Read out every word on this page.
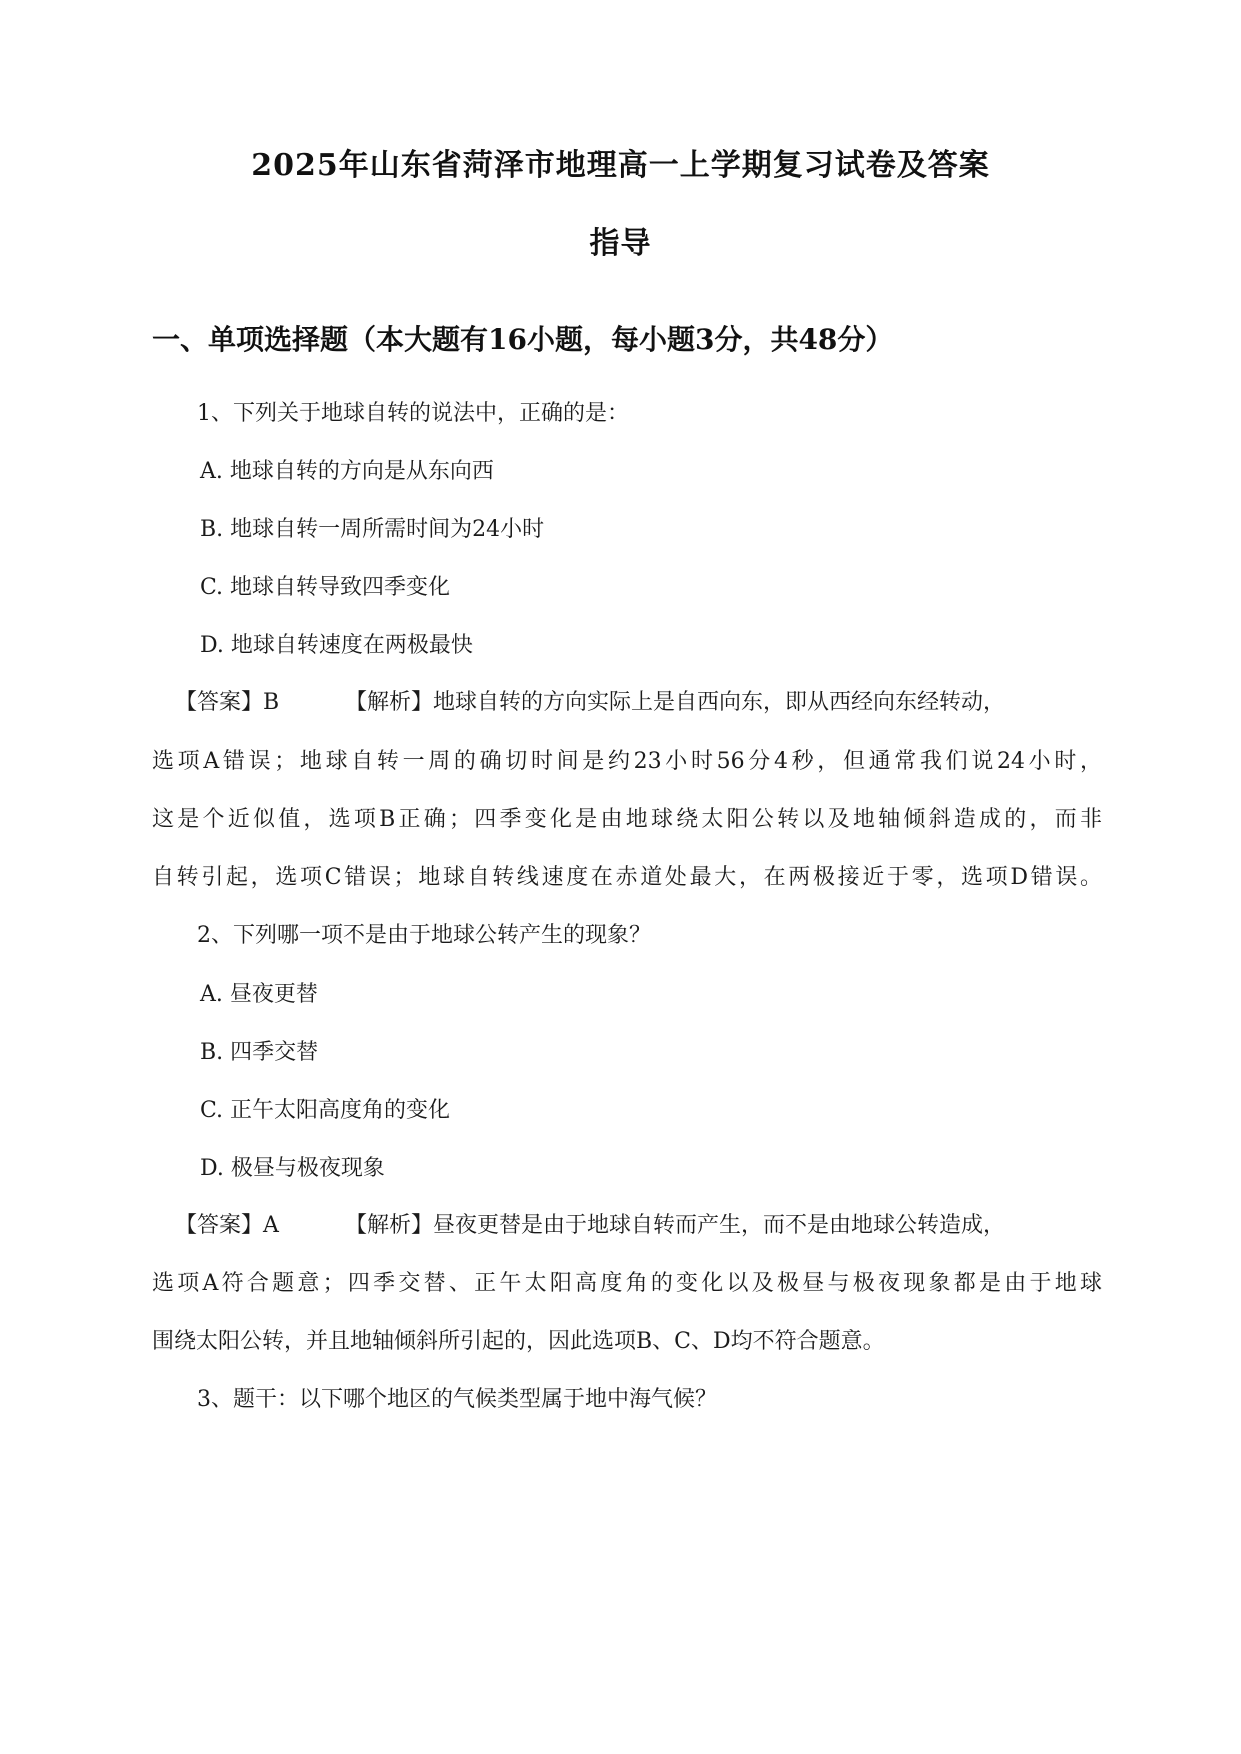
2025年山东省菏泽市地理高一上学期复习试卷及答案
指导
一、单项选择题（本大题有16小题，每小题3分，共48分）
1、下列关于地球自转的说法中，正确的是：
A. 地球自转的方向是从东向西
B. 地球自转一周所需时间为24小时
C. 地球自转导致四季变化
D. 地球自转速度在两极最快
【答案】B	【解析】地球自转的方向实际上是自西向东，即从西经向东经转动，
选项A错误；地球自转一周的确切时间是约23小时56分4秒，但通常我们说24小时，
这是个近似值，选项B正确；四季变化是由地球绕太阳公转以及地轴倾斜造成的，而非
自转引起，选项C错误；地球自转线速度在赤道处最大，在两极接近于零，选项D错误。
2、下列哪一项不是由于地球公转产生的现象？
A. 昼夜更替
B. 四季交替
C. 正午太阳高度角的变化
D. 极昼与极夜现象
【答案】A	【解析】昼夜更替是由于地球自转而产生，而不是由地球公转造成，
选项A符合题意；四季交替、正午太阳高度角的变化以及极昼与极夜现象都是由于地球
围绕太阳公转，并且地轴倾斜所引起的，因此选项B、C、D均不符合题意。
3、题干：以下哪个地区的气候类型属于地中海气候？
